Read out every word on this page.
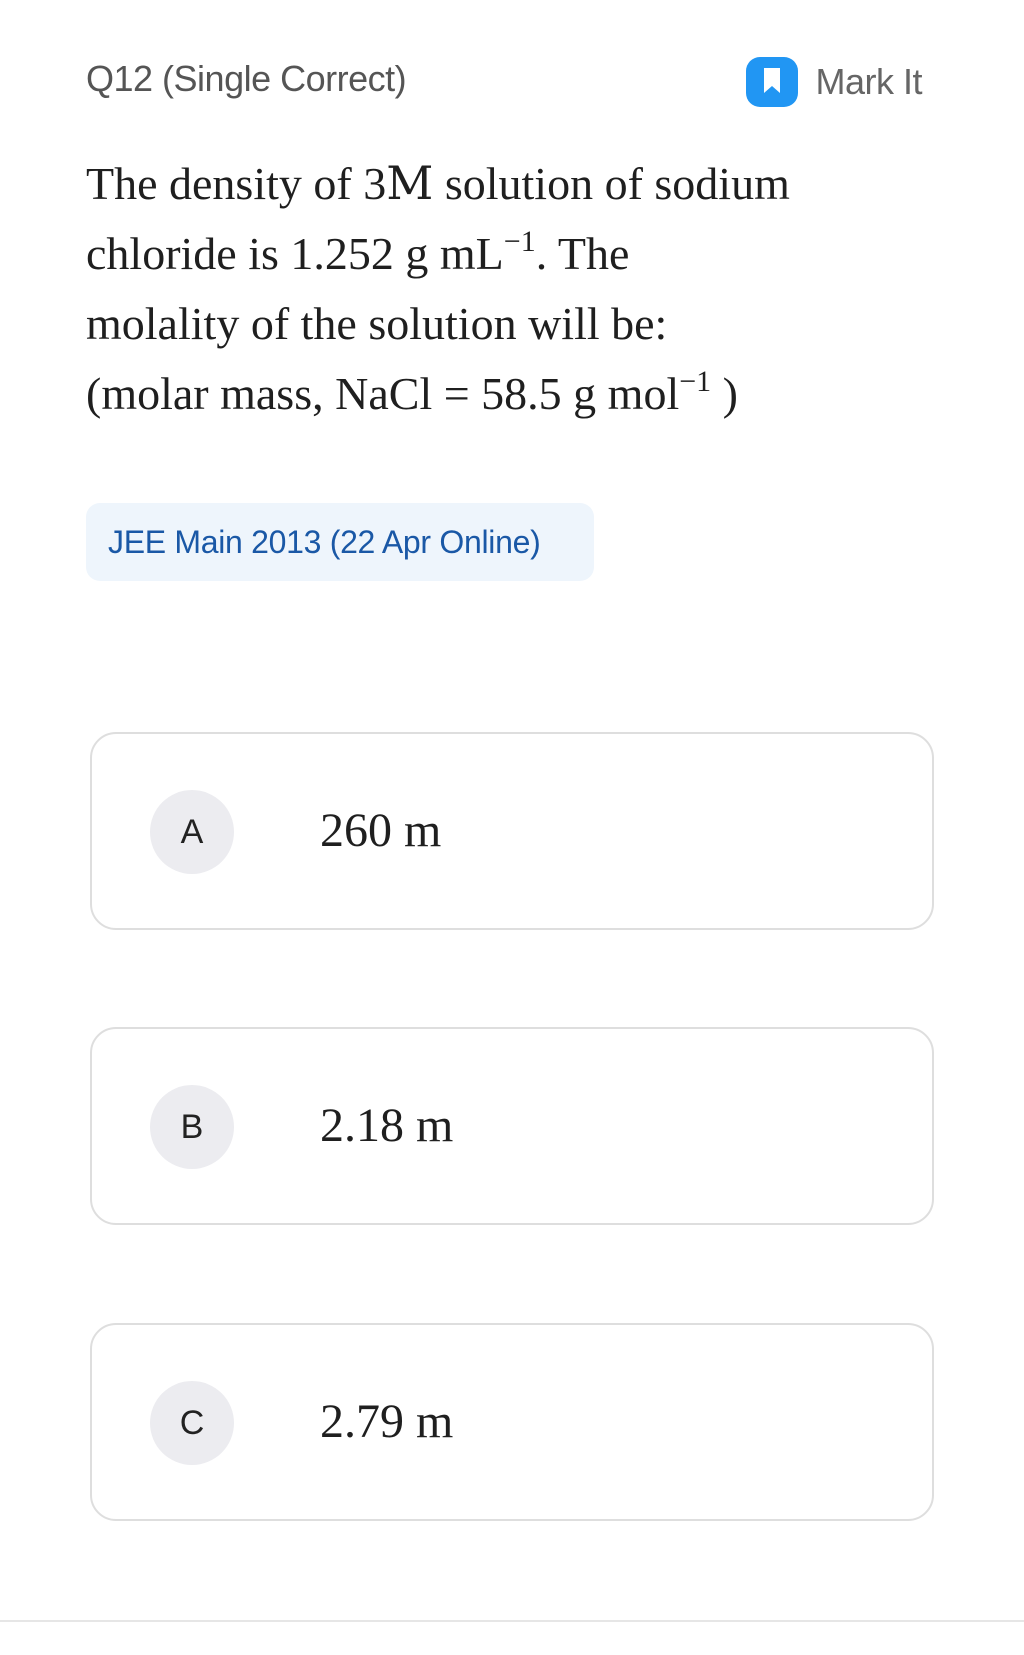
Q12 (Single Correct)	Mark It

The density of 3M solution of sodium

chloride is 1.252 g $mL^{-1}$. The

molality of the solution will be:

(molar mass, NaCl = 58.5 g mol$^{-1}$ )

JEE Main 2013 (22 Apr Online)
A	260 m
B	2.18 m
C	2.79 m
